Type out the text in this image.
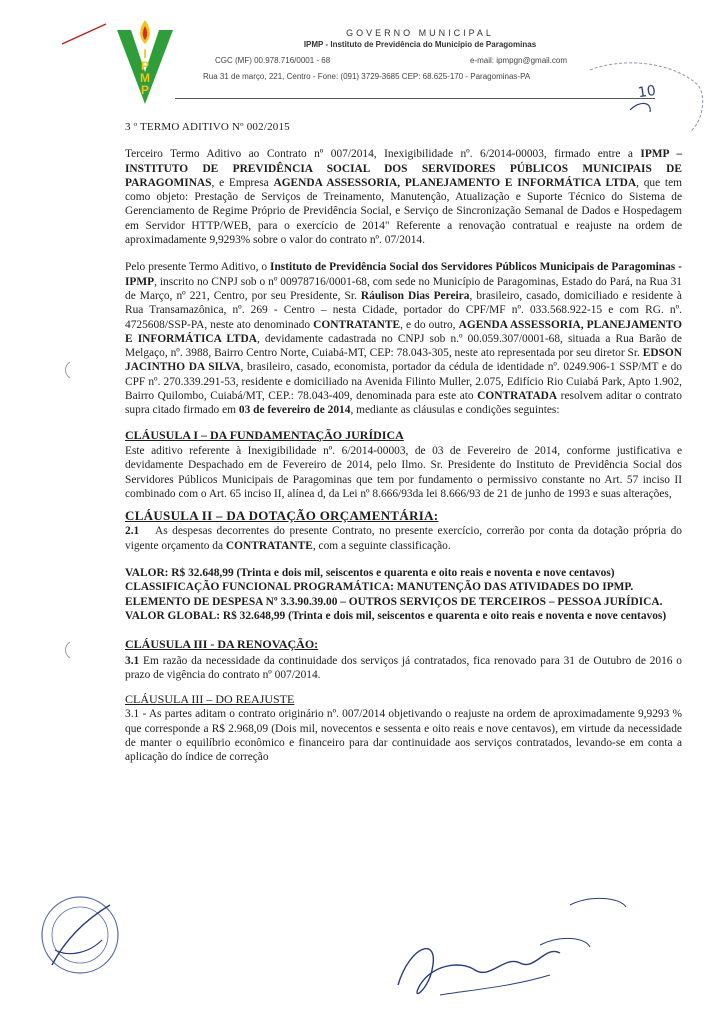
I
P
M
P
GOVERNO MUNICIPAL
IPMP - Instituto de Previdência do Município de Paragominas
CGC (MF) 00.978.716/0001 - 68	e-mail: ipmpgn@gmail.com
Rua 31 de março, 221, Centro - Fone: (091) 3729-3685 CEP: 68.625-170 - Paragominas-PA
10

3 º TERMO ADITIVO Nº 002/2015

Terceiro Termo Aditivo ao Contrato nº 007/2014, Inexigibilidade nº. 6/2014-00003, firmado entre a IPMP – INSTITUTO DE PREVIDÊNCIA SOCIAL DOS SERVIDORES PÚBLICOS MUNICIPAIS DE PARAGOMINAS, e Empresa AGENDA ASSESSORIA, PLANEJAMENTO E INFORMÁTICA LTDA, que tem como objeto: Prestação de Serviços de Treinamento, Manutenção, Atualização e Suporte Técnico do Sistema de Gerenciamento de Regime Próprio de Previdência Social, e Serviço de Sincronização Semanal de Dados e Hospedagem em Servidor HTTP/WEB, para o exercício de 2014" Referente a renovação contratual e reajuste na ordem de aproximadamente 9,9293% sobre o valor do contrato nº. 07/2014.

Pelo presente Termo Aditivo, o Instituto de Previdência Social dos Servidores Públicos Municipais de Paragominas - IPMP, inscrito no CNPJ sob o nº 00978716/0001-68, com sede no Município de Paragominas, Estado do Pará, na Rua 31 de Março, nº 221, Centro, por seu Presidente, Sr. Ráulison Dias Pereira, brasileiro, casado, domiciliado e residente à Rua Transamazônica, nº. 269 - Centro – nesta Cidade, portador do CPF/MF nº. 033.568.922-15 e com RG. nº. 4725608/SSP-PA, neste ato denominado CONTRATANTE, e do outro, AGENDA ASSESSORIA, PLANEJAMENTO E INFORMÁTICA LTDA, devidamente cadastrada no CNPJ sob n.º 00.059.307/0001-68, situada a Rua Barão de Melgaço, nº. 3988, Bairro Centro Norte, Cuiabá-MT, CEP: 78.043-305, neste ato representada por seu diretor Sr. EDSON JACINTHO DA SILVA, brasileiro, casado, economista, portador da cédula de identidade nº. 0249.906-1 SSP/MT e do CPF nº. 270.339.291-53, residente e domiciliado na Avenida Filinto Muller, 2.075, Edifício Rio Cuiabá Park, Apto 1.902, Bairro Quilombo, Cuiabá/MT, CEP.: 78.043-409, denominada para este ato CONTRATADA resolvem aditar o contrato supra citado firmado em 03 de fevereiro de 2014, mediante as cláusulas e condições seguintes:

CLÁUSULA I – DA FUNDAMENTAÇÃO JURÍDICA

Este aditivo referente à Inexigibilidade nº. 6/2014-00003, de 03 de Fevereiro de 2014, conforme justificativa e devidamente Despachado em de Fevereiro de 2014, pelo Ilmo. Sr. Presidente do Instituto de Previdência Social dos Servidores Públicos Municipais de Paragominas que tem por fundamento o permissivo constante no Art. 57 inciso II combinado com o Art. 65 inciso II, alínea d, da Lei nº 8.666/93da lei 8.666/93 de 21 de junho de 1993 e suas alterações,

CLÁUSULA II – DA DOTAÇÃO ORÇAMENTÁRIA:

2.1 As despesas decorrentes do presente Contrato, no presente exercício, correrão por conta da dotação própria do vigente orçamento da CONTRATANTE, com a seguinte classificação.

VALOR: R$ 32.648,99 (Trinta e dois mil, seiscentos e quarenta e oito reais e noventa e nove centavos)

CLASSIFICAÇÃO FUNCIONAL PROGRAMÁTICA: MANUTENÇÃO DAS ATIVIDADES DO IPMP.

ELEMENTO DE DESPESA Nº 3.3.90.39.00 – OUTROS SERVIÇOS DE TERCEIROS – PESSOA JURÍDICA.

VALOR GLOBAL: R$ 32.648,99 (Trinta e dois mil, seiscentos e quarenta e oito reais e noventa e nove centavos)

CLÁUSULA III - DA RENOVAÇÃO:

3.1 Em razão da necessidade da continuidade dos serviços já contratados, fica renovado para 31 de Outubro de 2016 o prazo de vigência do contrato nº 007/2014.

CLÁUSULA III – DO REAJUSTE

3.1 - As partes aditam o contrato originário nº. 007/2014 objetivando o reajuste na ordem de aproximadamente 9,9293 % que corresponde a R$ 2.968,09 (Dois mil, novecentos e sessenta e oito reais e nove centavos), em virtude da necessidade de manter o equilíbrio econômico e financeiro para dar continuidade aos serviços contratados, levando-se em conta a aplicação do índice de correção
